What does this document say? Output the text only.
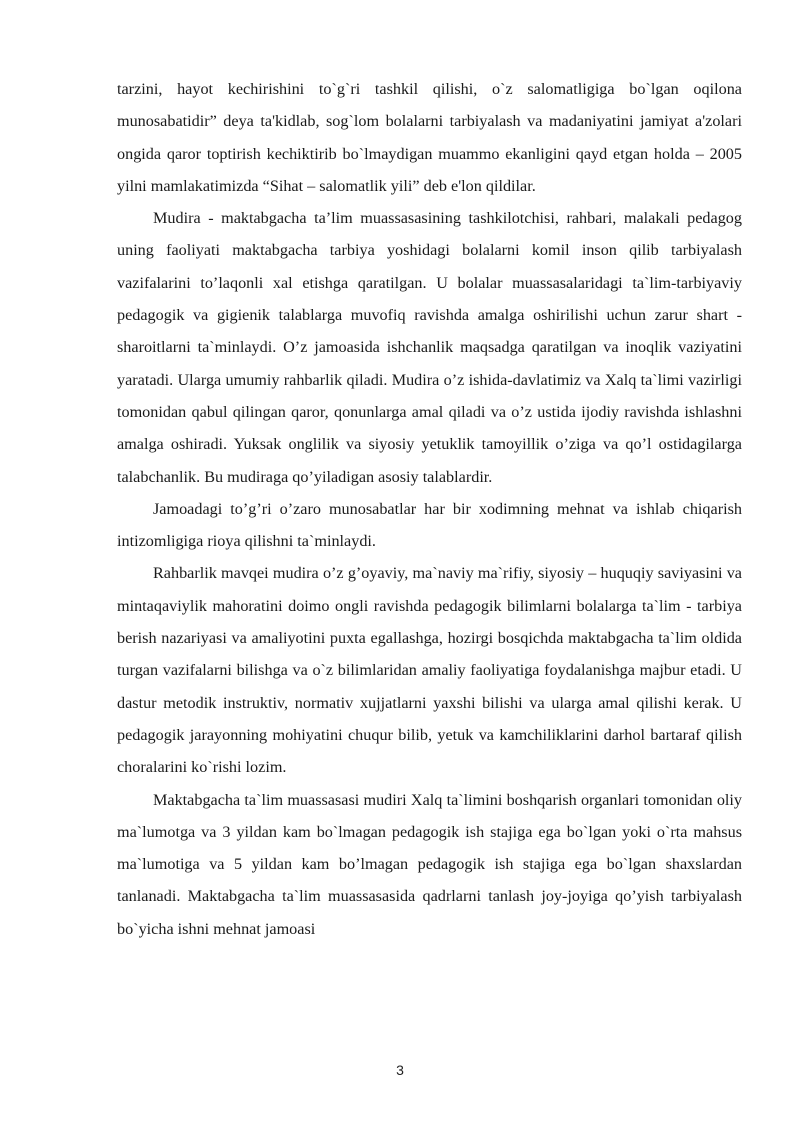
tarzini, hayot kechirishini to`g`ri tashkil qilishi, o`z salomatligiga bo`lgan oqilona munosabatidir” deya ta'kidlab, sog`lom bolalarni tarbiyalash va madaniyatini jamiyat a'zolari ongida qaror toptirish kechiktirib bo`lmaydigan muammo ekanligini qayd etgan holda – 2005 yilni mamlakatimizda “Sihat – salomatlik yili” deb e'lon qildilar.

Mudira - maktabgacha ta’lim muassasasining tashkilotchisi, rahbari, malakali pedagog uning faoliyati maktabgacha tarbiya yoshidagi bolalarni komil inson qilib tarbiyalash vazifalarini to’laqonli xal etishga qaratilgan. U bolalar muassasalaridagi ta`lim-tarbiyaviy pedagogik va gigienik talablarga muvofiq ravishda amalga oshirilishi uchun zarur shart -sharoitlarni ta`minlaydi. O’z jamoasida ishchanlik maqsadga qaratilgan va inoqlik vaziyatini yaratadi. Ularga umumiy rahbarlik qiladi. Mudira o’z ishida-davlatimiz va Xalq ta`limi vazirligi tomonidan qabul qilingan qaror, qonunlarga amal qiladi va o’z ustida ijodiy ravishda ishlashni amalga oshiradi. Yuksak onglilik va siyosiy yetuklik tamoyillik o’ziga va qo’l ostidagilarga talabchanlik. Bu mudiraga qo’yiladigan asosiy talablardir.

Jamoadagi to’g’ri o’zaro munosabatlar har bir xodimning mehnat va ishlab chiqarish intizomligiga rioya qilishni ta`minlaydi.

Rahbarlik mavqei mudira o’z g’oyaviy, ma`naviy ma`rifiy, siyosiy – huquqiy saviyasini va mintaqaviylik mahoratini doimo ongli ravishda pedagogik bilimlarni bolalarga ta`lim - tarbiya berish nazariyasi va amaliyotini puxta egallashga, hozirgi bosqichda maktabgacha ta`lim oldida turgan vazifalarni bilishga va o`z bilimlaridan amaliy faoliyatiga foydalanishga majbur etadi. U dastur metodik instruktiv, normativ xujjatlarni yaxshi bilishi va ularga amal qilishi kerak. U pedagogik jarayonning mohiyatini chuqur bilib, yetuk va kamchiliklarini darhol bartaraf qilish choralarini ko`rishi lozim.

Maktabgacha ta`lim muassasasi mudiri Xalq ta`limini boshqarish organlari tomonidan oliy ma`lumotga va 3 yildan kam bo`lmagan pedagogik ish stajiga ega bo`lgan yoki o`rta mahsus ma`lumotiga va 5 yildan kam bo’lmagan pedagogik ish stajiga ega bo`lgan shaxslardan tanlanadi. Maktabgacha ta`lim muassasasida qadrlarni tanlash joy-joyiga qo’yish tarbiyalash bo`yicha ishni mehnat jamoasi

3
